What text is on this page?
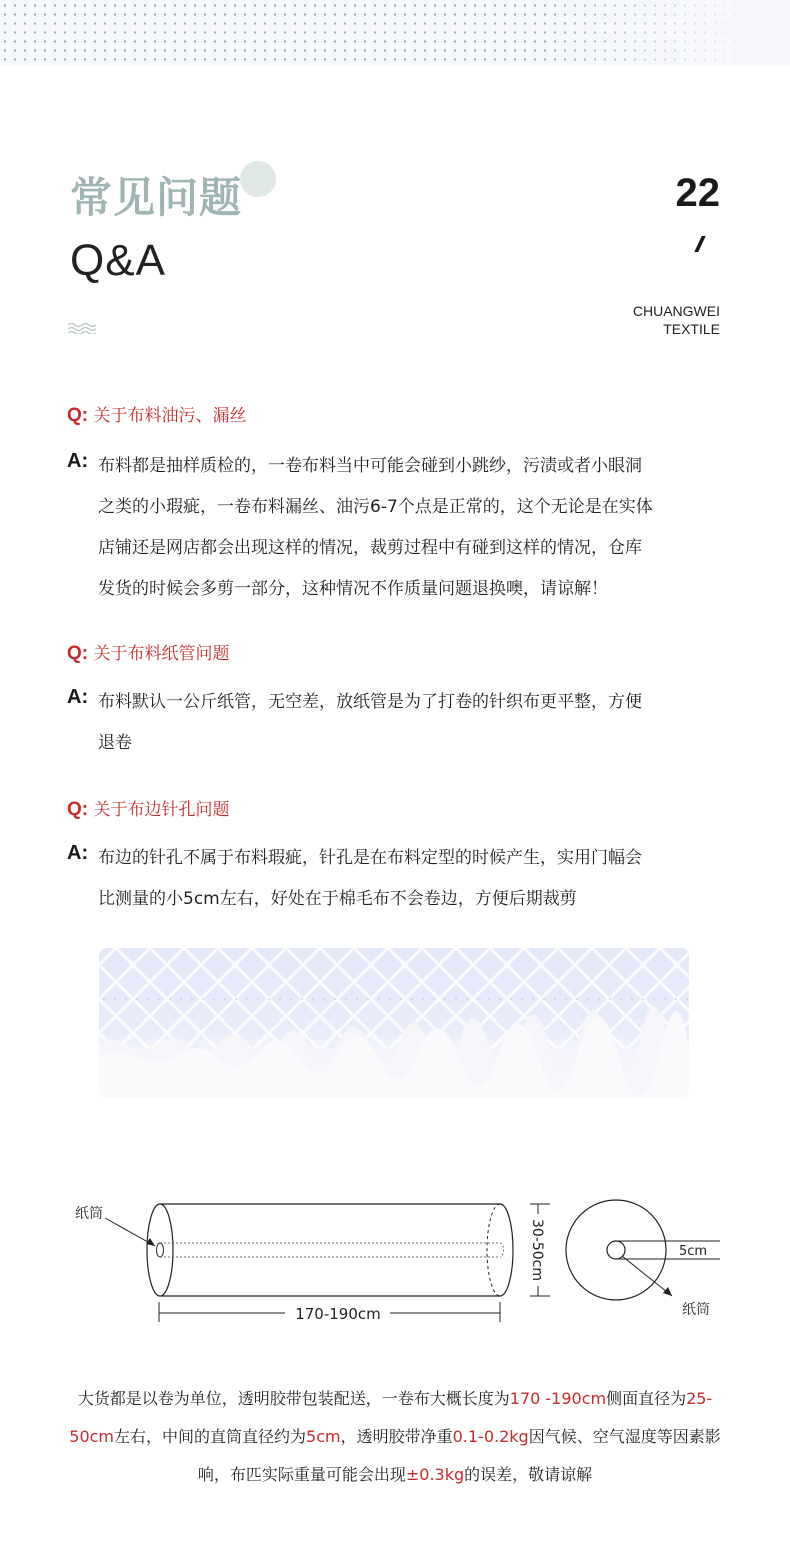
常见问题
Q&A
22
CHUANGWEI
TEXTILE
Q: 关于布料油污、漏丝
A: 布料都是抽样质检的，一卷布料当中可能会碰到小跳纱，污渍或者小眼洞
之类的小瑕疵，一卷布料漏丝、油污6-7个点是正常的，这个无论是在实体
店铺还是网店都会出现这样的情况，裁剪过程中有碰到这样的情况，仓库
发货的时候会多剪一部分，这种情况不作质量问题退换噢，请谅解！
Q: 关于布料纸管问题
A: 布料默认一公斤纸管，无空差，放纸管是为了打卷的针织布更平整，方便
退卷
Q: 关于布边针孔问题
A: 布边的针孔不属于布料瑕疵，针孔是在布料定型的时候产生，实用门幅会
比测量的小5cm左右，好处在于棉毛布不会卷边，方便后期裁剪
纸筒
170-190cm
30-50cm	5cm
纸筒
大货都是以卷为单位，透明胶带包装配送，一卷布大概长度为170 -190cm侧面直径为25-50cm左右，中间的直筒直径约为5cm，透明胶带净重0.1-0.2kg因气候、空气湿度等因素影响，布匹实际重量可能会出现±0.3kg的误差，敬请谅解
